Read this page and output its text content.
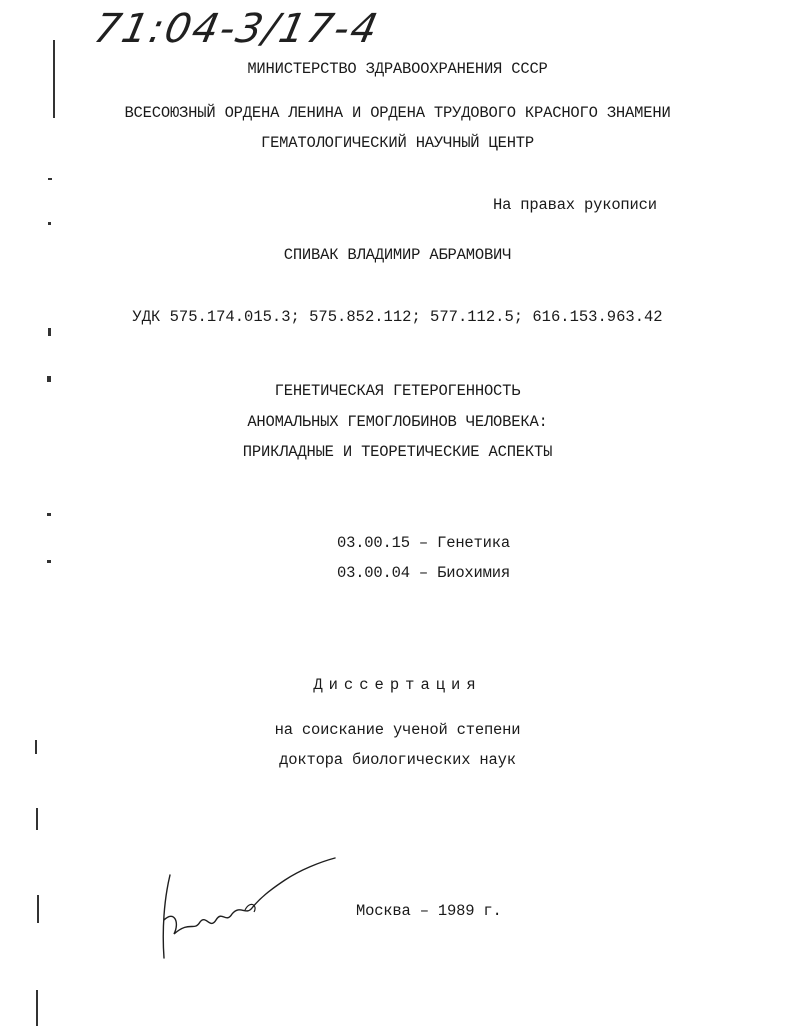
71:04-3/17-4
МИНИСТЕРСТВО ЗДРАВООХРАНЕНИЯ СССР
ВСЕСОЮЗНЫЙ ОРДЕНА ЛЕНИНА И ОРДЕНА ТРУДОВОГО КРАСНОГО ЗНАМЕНИ
ГЕМАТОЛОГИЧЕСКИЙ НАУЧНЫЙ ЦЕНТР
На правах рукописи
СПИВАК ВЛАДИМИР АБРАМОВИЧ
УДК 575.174.015.3; 575.852.112; 577.112.5; 616.153.963.42
ГЕНЕТИЧЕСКАЯ ГЕТЕРОГЕННОСТЬ
АНОМАЛЬНЫХ ГЕМОГЛОБИНОВ ЧЕЛОВЕКА:
ПРИКЛАДНЫЕ И ТЕОРЕТИЧЕСКИЕ АСПЕКТЫ
03.00.15 – Генетика
03.00.04 – Биохимия
Диссертация
на соискание ученой степени
доктора биологических наук
Москва – 1989 г.
